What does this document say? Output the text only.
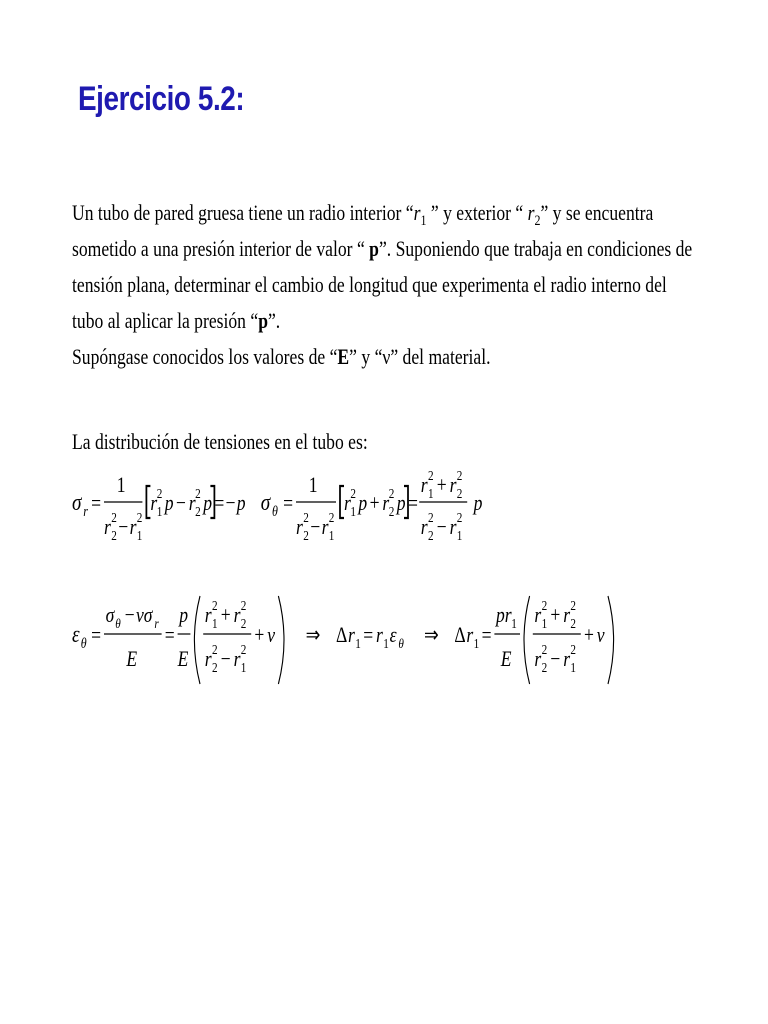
Ejercicio 5.2:
Un tubo de pared gruesa tiene un radio interior “$r_1$ ” y exterior “ $r_2$” y se encuentra
sometido a una presión interior de valor “ p”. Suponiendo que trabaja en condiciones de
tensión plana, determinar el cambio de longitud que experimenta el radio interno del
tubo al aplicar la presión “p”.
Supóngase conocidos los valores de “E” y “ν” del material.
La distribución de tensiones en el tubo es:
σ r =
1
r 2
2 − r 1
2
r 1
2 p − r 2
2 p = − p σ θ =
1
r 2
2 − r 1
2
r 1
2 p + r 2
2 p =
r 1
2 + r 2
2
r 2
2 − r 1
2
p
ε θ =
σ θ − νσ r
E
=
p
E
r 1
2 + r 2
2
r 2
2 − r 1
2
+ ν ⇒ Δ r 1 = r 1 ε θ ⇒ Δ r 1 =
pr 1
E
r 1
2 + r 2
2
r 2
2 − r 1
2
+ ν
